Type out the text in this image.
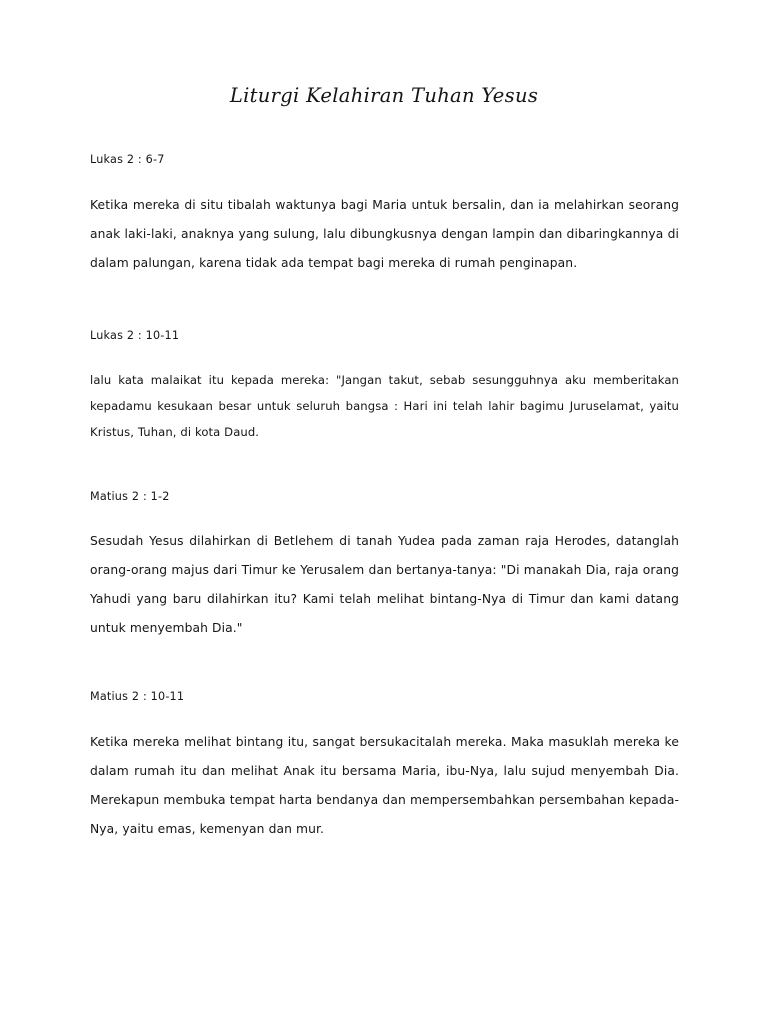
Liturgi Kelahiran Tuhan Yesus
Lukas 2 : 6-7

Ketika mereka di situ tibalah waktunya bagi Maria untuk bersalin, dan ia melahirkan seorang anak laki-laki, anaknya yang sulung, lalu dibungkusnya dengan lampin dan dibaringkannya di dalam palungan, karena tidak ada tempat bagi mereka di rumah penginapan.

Lukas 2 : 10-11

lalu kata malaikat itu kepada mereka: "Jangan takut, sebab sesungguhnya aku memberitakan kepadamu kesukaan besar untuk seluruh bangsa : Hari ini telah lahir bagimu Juruselamat, yaitu Kristus, Tuhan, di kota Daud.

Matius 2 : 1-2

Sesudah Yesus dilahirkan di Betlehem di tanah Yudea pada zaman raja Herodes, datanglah orang-orang majus dari Timur ke Yerusalem dan bertanya-tanya: "Di manakah Dia, raja orang Yahudi yang baru dilahirkan itu? Kami telah melihat bintang-Nya di Timur dan kami datang untuk menyembah Dia."

Matius 2 : 10-11

Ketika mereka melihat bintang itu, sangat bersukacitalah mereka. Maka masuklah mereka ke dalam rumah itu dan melihat Anak itu bersama Maria, ibu-Nya, lalu sujud menyembah Dia. Merekapun membuka tempat harta bendanya dan mempersembahkan persembahan kepada-Nya, yaitu emas, kemenyan dan mur.
